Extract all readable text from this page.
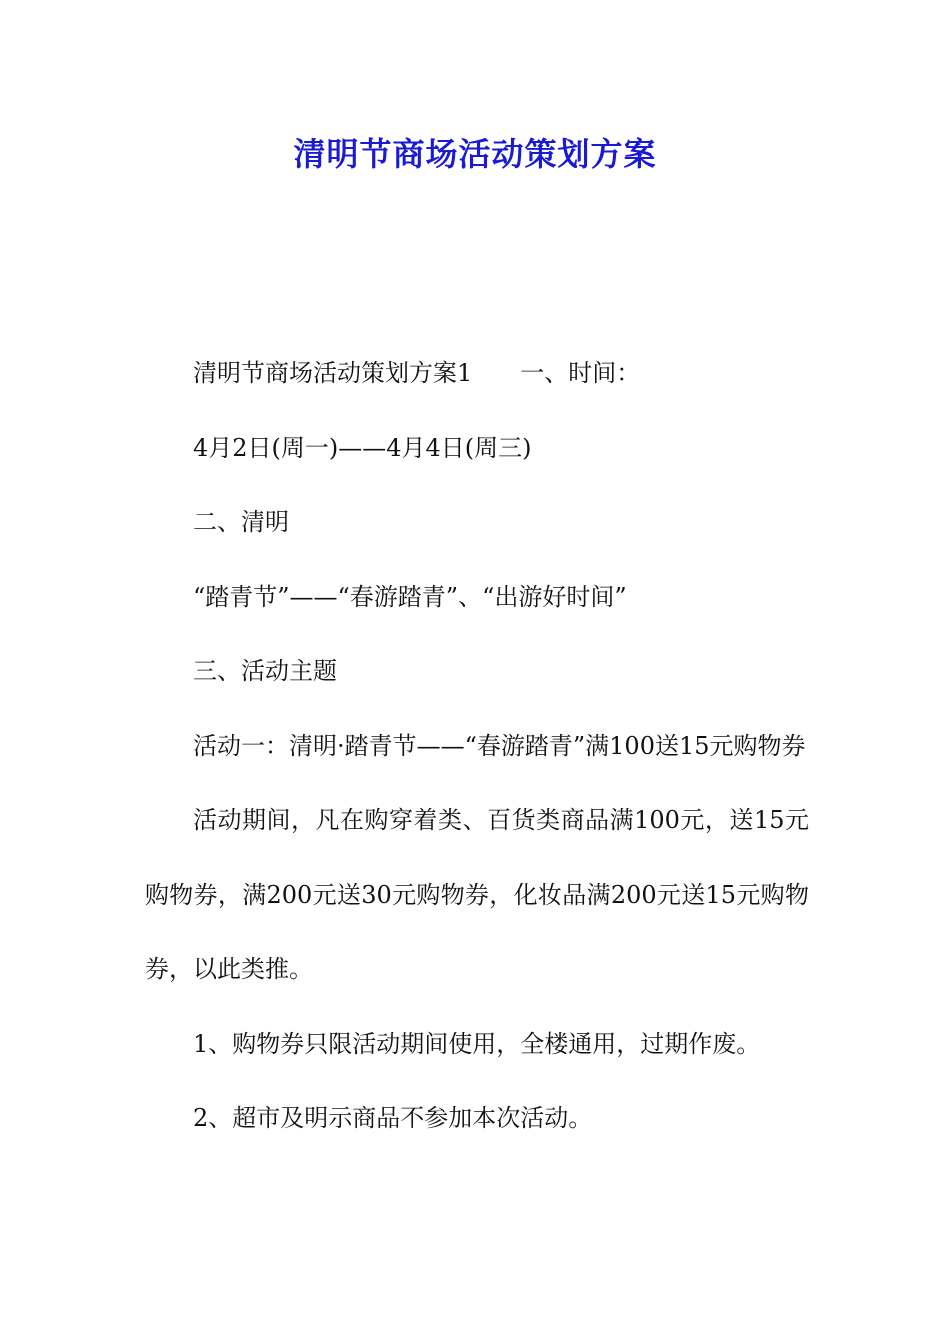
清明节商场活动策划方案

清明节商场活动策划方案1　　一、时间：

4月2日(周一)——4月4日(周三)

二、清明

“踏青节”——“春游踏青”、“出游好时间”

三、活动主题

活动一：清明·踏青节——“春游踏青”满100送15元购物券

活动期间，凡在购穿着类、百货类商品满100元，送15元购物券，满200元送30元购物券，化妆品满200元送15元购物券，以此类推。

1、购物券只限活动期间使用，全楼通用，过期作废。

2、超市及明示商品不参加本次活动。
